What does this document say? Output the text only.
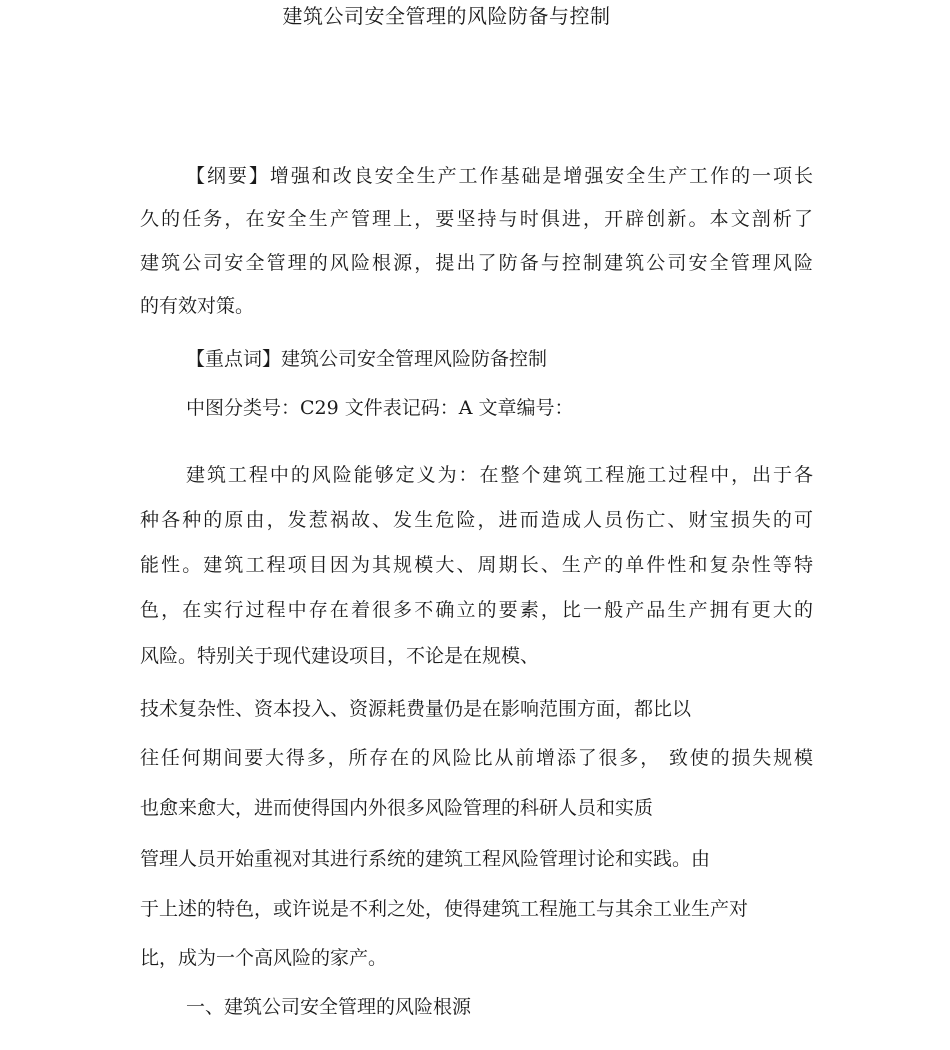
建筑公司安全管理的风险防备与控制
【纲要】增强和改良安全生产工作基础是增强安全生产工作的一项长
久的任务，在安全生产管理上，要坚持与时俱进，开辟创新。本文剖析了
建筑公司安全管理的风险根源，提出了防备与控制建筑公司安全管理风险
的有效对策。
【重点词】建筑公司安全管理风险防备控制
中图分类号：C29 文件表记码：A 文章编号：
建筑工程中的风险能够定义为：在整个建筑工程施工过程中，出于各
种各种的原由，发惹祸故、发生危险，进而造成人员伤亡、财宝损失的可
能性。建筑工程项目因为其规模大、周期长、生产的单件性和复杂性等特
色，在实行过程中存在着很多不确立的要素，比一般产品生产拥有更大的
风险。特别关于现代建设项目，不论是在规模、
技术复杂性、资本投入、资源耗费量仍是在影响范围方面，都比以
往任何期间要大得多，所存在的风险比从前增添了很多， 致使的损失规模
也愈来愈大，进而使得国内外很多风险管理的科研人员和实质
管理人员开始重视对其进行系统的建筑工程风险管理讨论和实践。由
于上述的特色，或许说是不利之处，使得建筑工程施工与其余工业生产对
比，成为一个高风险的家产。
一、建筑公司安全管理的风险根源
